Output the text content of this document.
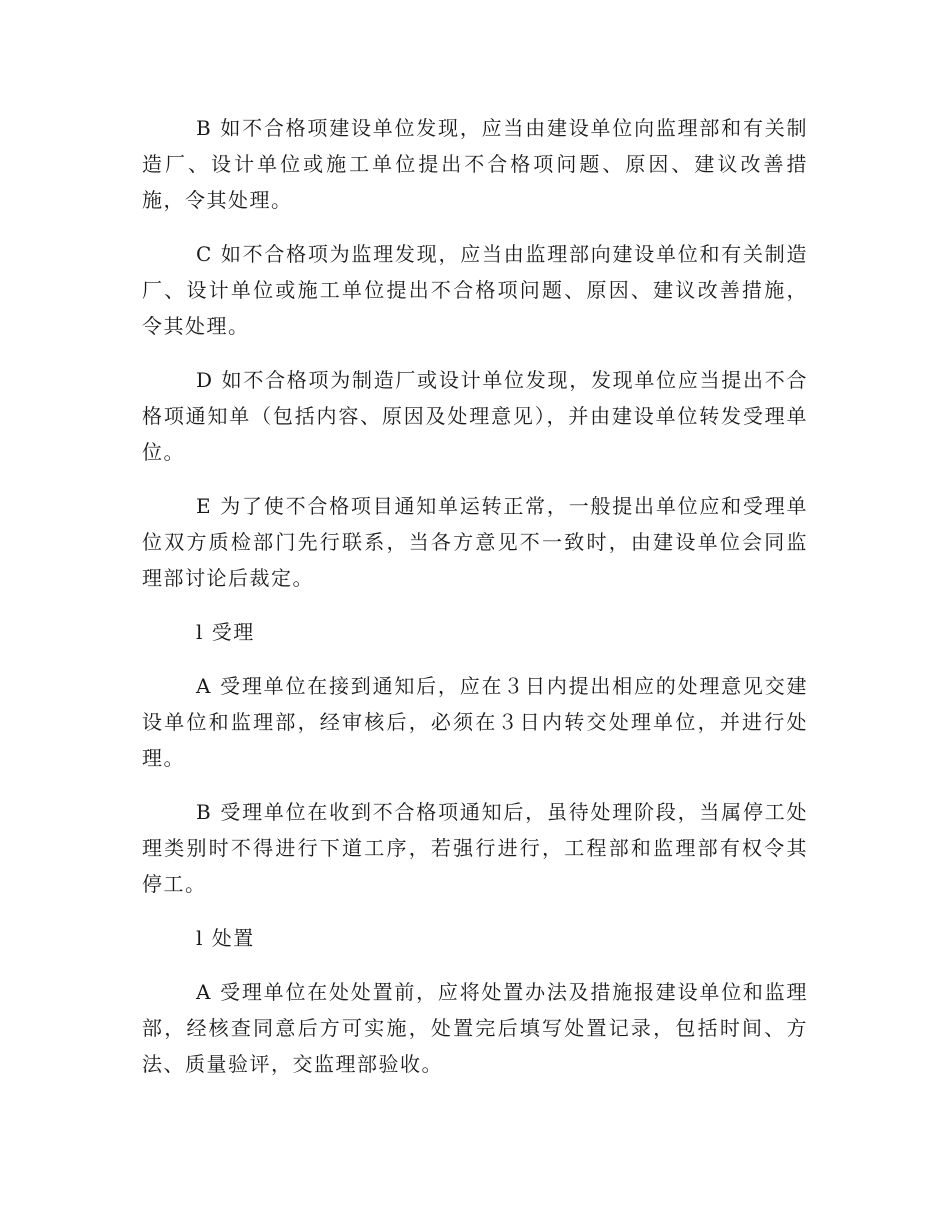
B 如不合格项建设单位发现，应当由建设单位向监理部和有关制造厂、设计单位或施工单位提出不合格项问题、原因、建议改善措施，令其处理。

C 如不合格项为监理发现，应当由监理部向建设单位和有关制造厂、设计单位或施工单位提出不合格项问题、原因、建议改善措施，令其处理。

D 如不合格项为制造厂或设计单位发现，发现单位应当提出不合格项通知单（包括内容、原因及处理意见），并由建设单位转发受理单位。

E 为了使不合格项目通知单运转正常，一般提出单位应和受理单位双方质检部门先行联系，当各方意见不一致时，由建设单位会同监理部讨论后裁定。

l 受理

A 受理单位在接到通知后，应在３日内提出相应的处理意见交建设单位和监理部，经审核后，必须在３日内转交处理单位，并进行处理。

B 受理单位在收到不合格项通知后，虽待处理阶段，当属停工处理类别时不得进行下道工序，若强行进行，工程部和监理部有权令其停工。

l 处置

A 受理单位在处处置前，应将处置办法及措施报建设单位和监理部，经核查同意后方可实施，处置完后填写处置记录，包括时间、方法、质量验评，交监理部验收。
